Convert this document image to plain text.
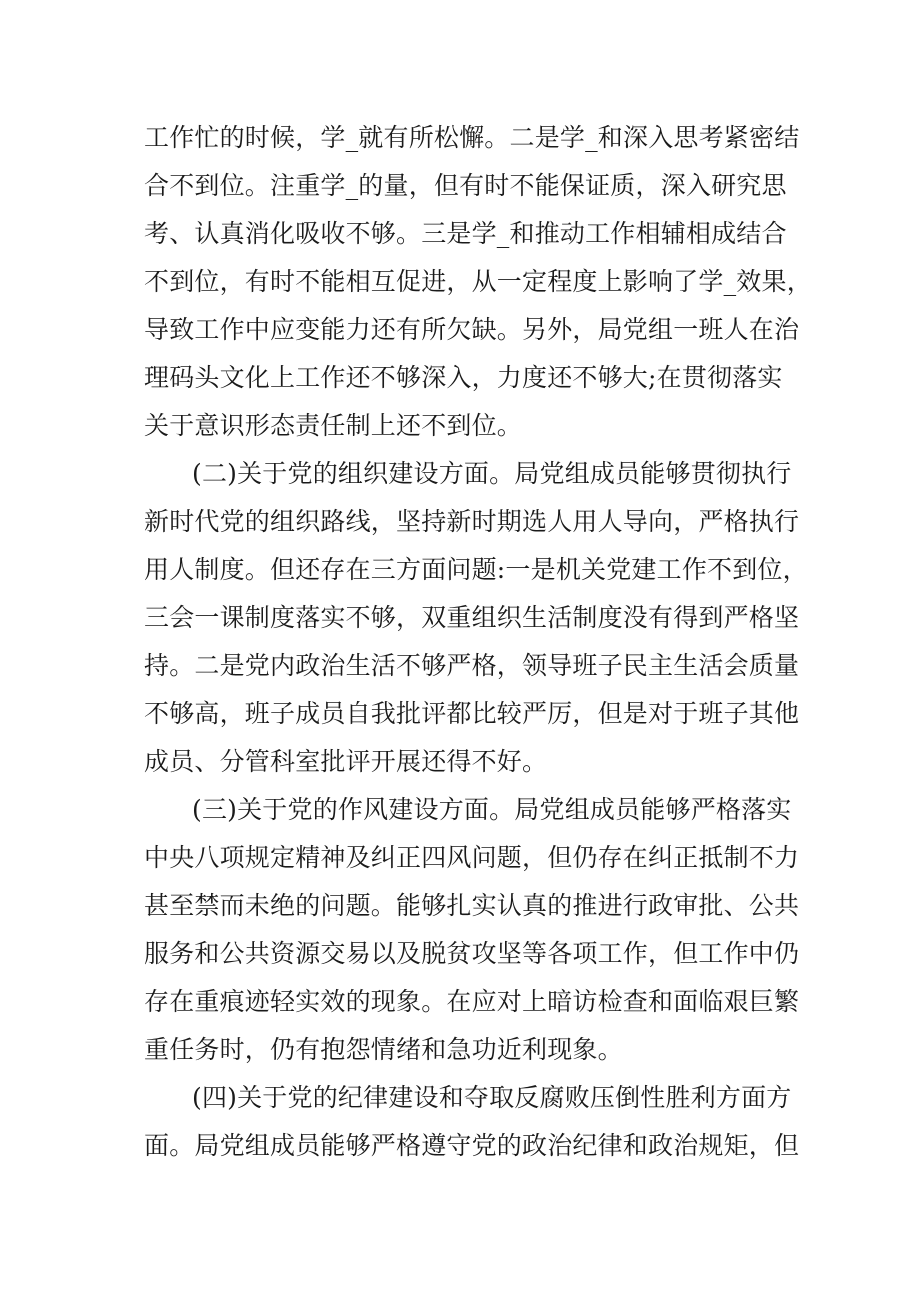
工作忙的时候，学_就有所松懈。二是学_和深入思考紧密结
合不到位。注重学_的量，但有时不能保证质，深入研究思
考、认真消化吸收不够。三是学_和推动工作相辅相成结合
不到位，有时不能相互促进，从一定程度上影响了学_效果，
导致工作中应变能力还有所欠缺。另外，局党组一班人在治
理码头文化上工作还不够深入，力度还不够大;在贯彻落实
关于意识形态责任制上还不到位。
(二)关于党的组织建设方面。局党组成员能够贯彻执行
新时代党的组织路线，坚持新时期选人用人导向，严格执行
用人制度。但还存在三方面问题:一是机关党建工作不到位，
三会一课制度落实不够，双重组织生活制度没有得到严格坚
持。二是党内政治生活不够严格，领导班子民主生活会质量
不够高，班子成员自我批评都比较严厉，但是对于班子其他
成员、分管科室批评开展还得不好。
(三)关于党的作风建设方面。局党组成员能够严格落实
中央八项规定精神及纠正四风问题，但仍存在纠正抵制不力
甚至禁而未绝的问题。能够扎实认真的推进行政审批、公共
服务和公共资源交易以及脱贫攻坚等各项工作，但工作中仍
存在重痕迹轻实效的现象。在应对上暗访检查和面临艰巨繁
重任务时，仍有抱怨情绪和急功近利现象。
(四)关于党的纪律建设和夺取反腐败压倒性胜利方面方
面。局党组成员能够严格遵守党的政治纪律和政治规矩，但
